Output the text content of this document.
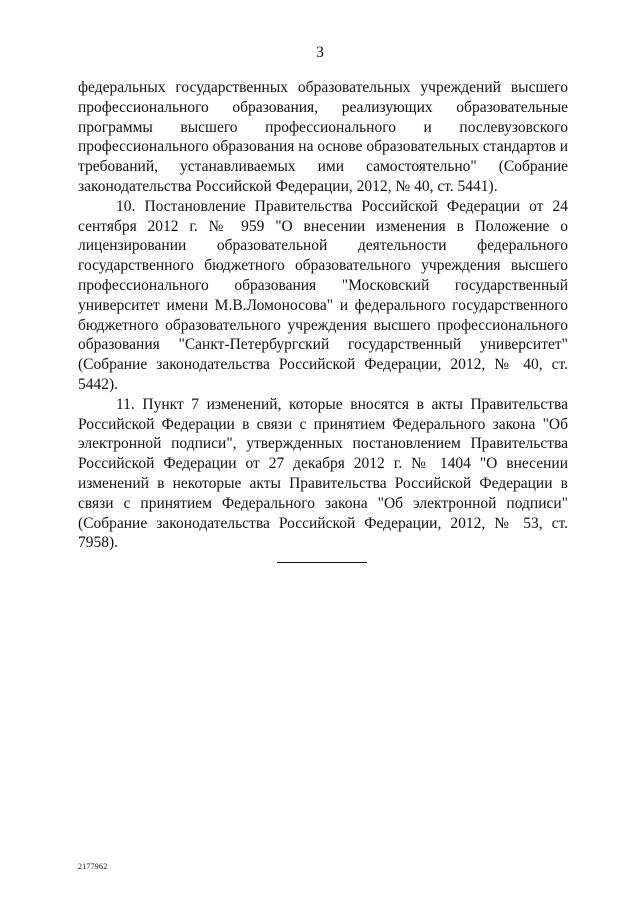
3

федеральных государственных образовательных учреждений высшего профессионального образования, реализующих образовательные программы высшего профессионального и послевузовского профессионального образования на основе образовательных стандартов и требований, устанавливаемых ими самостоятельно" (Собрание законодательства Российской Федерации, 2012, № 40, ст. 5441).

10. Постановление Правительства Российской Федерации от 24 сентября 2012 г. № 959 "О внесении изменения в Положение о лицензировании образовательной деятельности федерального государственного бюджетного образовательного учреждения высшего профессионального образования "Московский государственный университет имени М.В.Ломоносова" и федерального государственного бюджетного образовательного учреждения высшего профессионального образования "Санкт-Петербургский государственный университет" (Собрание законодательства Российской Федерации, 2012, № 40, ст. 5442).

11. Пункт 7 изменений, которые вносятся в акты Правительства Российской Федерации в связи с принятием Федерального закона "Об электронной подписи", утвержденных постановлением Правительства Российской Федерации от 27 декабря 2012 г. № 1404 "О внесении изменений в некоторые акты Правительства Российской Федерации в связи с принятием Федерального закона "Об электронной подписи" (Собрание законодательства Российской Федерации, 2012, № 53, ст. 7958).

2177962
